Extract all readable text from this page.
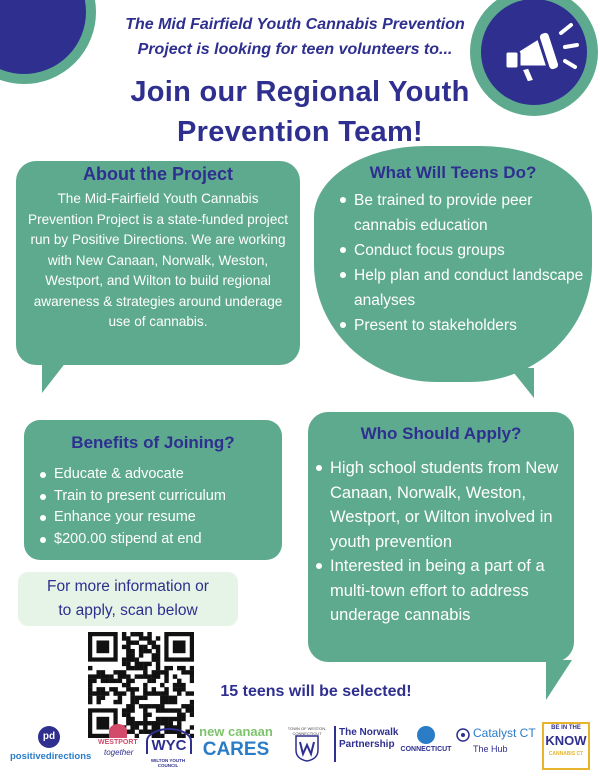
The Mid Fairfield Youth Cannabis Prevention
Project is looking for teen volunteers to...
Join our Regional Youth
Prevention Team!
About the Project

The Mid-Fairfield Youth Cannabis Prevention Project is a state-funded project run by Positive Directions. We are working with New Canaan, Norwalk, Weston, Westport, and Wilton to build regional awareness & strategies around underage use of cannabis.

What Will Teens Do?
Be trained to provide peer cannabis education
Conduct focus groups
Help plan and conduct landscape analyses
Present to stakeholders
Benefits of Joining?
Educate & advocate
Train to present curriculum
Enhance your resume
$200.00 stipend at end
Who Should Apply?
High school students from New Canaan, Norwalk, Weston, Westport, or Wilton involved in youth prevention
Interested in being a part of a multi-town effort to address underage cannabis
For more information or
to apply, scan below
15 teens will be selected!
pd
positivedirections
WESTPORT
together WYC
WILTON YOUTH COUNCIL
new canaan
CARES
TOWN OF WESTON, CONNECTICUT	The Norwalk
Partnership CONNECTICUT
Catalyst CT
The Hub
BE IN THE
KNOW
CANNABIS CT
